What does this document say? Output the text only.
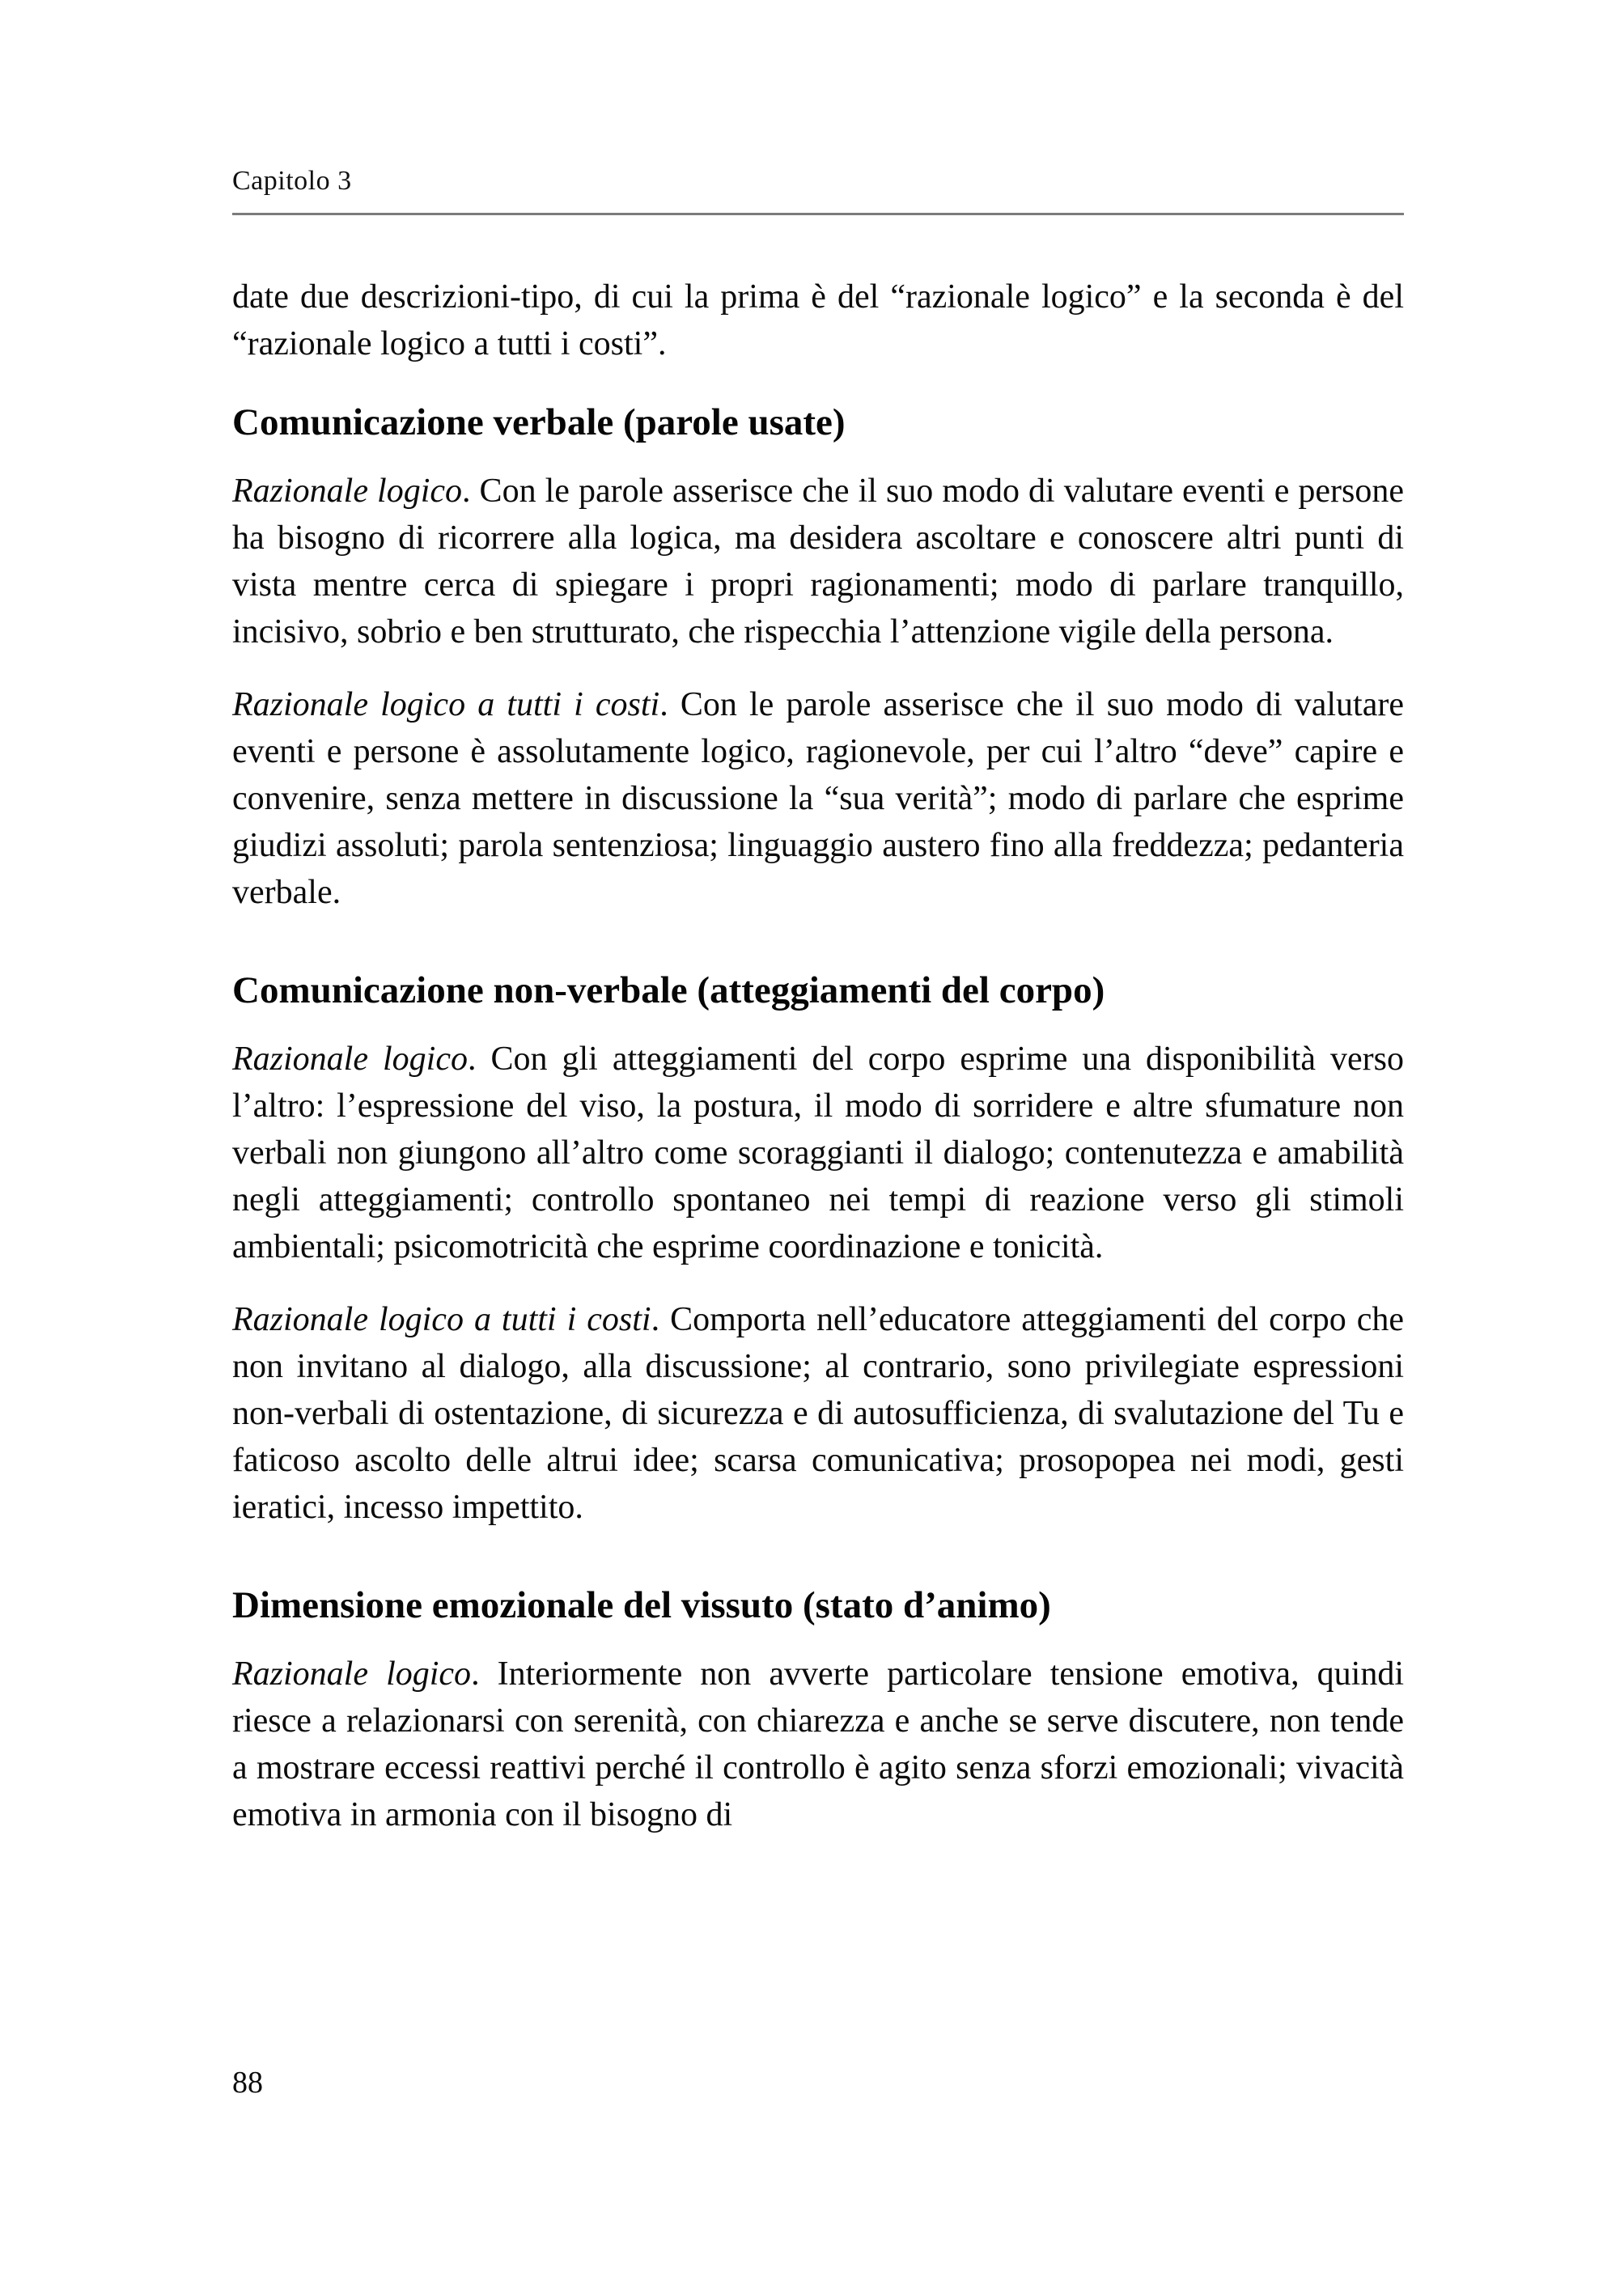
Capitolo 3

date due descrizioni-tipo, di cui la prima è del “razionale logico” e la seconda è del “razionale logico a tutti i costi”.

Comunicazione verbale (parole usate)

Razionale logico. Con le parole asserisce che il suo modo di valutare eventi e persone ha bisogno di ricorrere alla logica, ma desidera ascoltare e conoscere altri punti di vista mentre cerca di spiegare i propri ragionamenti; modo di parlare tranquillo, incisivo, sobrio e ben strutturato, che rispecchia l’attenzione vigile della persona.

Razionale logico a tutti i costi. Con le parole asserisce che il suo modo di valutare eventi e persone è assolutamente logico, ragionevole, per cui l’altro “deve” capire e convenire, senza mettere in discussione la “sua verità”; modo di parlare che esprime giudizi assoluti; parola sentenziosa; linguaggio austero fino alla freddezza; pedanteria verbale.

Comunicazione non-verbale (atteggiamenti del corpo)

Razionale logico. Con gli atteggiamenti del corpo esprime una disponibilità verso l’altro: l’espressione del viso, la postura, il modo di sorridere e altre sfumature non verbali non giungono all’altro come scoraggianti il dialogo; contenutezza e amabilità negli atteggiamenti; controllo spontaneo nei tempi di reazione verso gli stimoli ambientali; psicomotricità che esprime coordinazione e tonicità.

Razionale logico a tutti i costi. Comporta nell’educatore atteggiamenti del corpo che non invitano al dialogo, alla discussione; al contrario, sono privilegiate espressioni non-verbali di ostentazione, di sicurezza e di autosufficienza, di svalutazione del Tu e faticoso ascolto delle altrui idee; scarsa comunicativa; prosopopea nei modi, gesti ieratici, incesso impettito.

Dimensione emozionale del vissuto (stato d’animo)

Razionale logico. Interiormente non avverte particolare tensione emotiva, quindi riesce a relazionarsi con serenità, con chiarezza e anche se serve discutere, non tende a mostrare eccessi reattivi perché il controllo è agito senza sforzi emozionali; vivacità emotiva in armonia con il bisogno di

88
